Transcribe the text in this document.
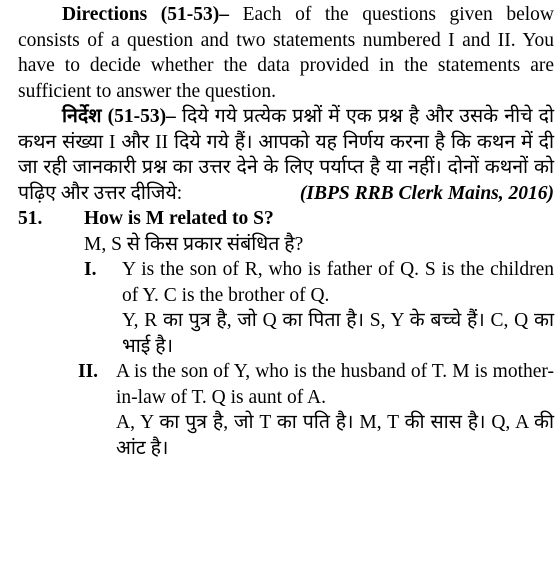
Directions (51-53)– Each of the questions given below consists of a question and two statements numbered I and II. You have to decide whether the data provided in the statements are sufficient to answer the question.

निर्देश (51-53)– दिये गये प्रत्येक प्रश्नों में एक प्रश्न है और उसके नीचे दो कथन संख्या I और II दिये गये हैं। आपको यह निर्णय करना है कि कथन में दी जा रही जानकारी प्रश्न का उत्तर देने के लिए पर्याप्त है या नहीं। दोनों कथनों को पढ़िए और उत्तर दीजिये:	(IBPS RRB Clerk Mains, 2016)

51.	How is M related to S?

M, S से किस प्रकार संबंधित है?

I.	Y is the son of R, who is father of Q. S is the children of Y. C is the brother of Q.

Y, R का पुत्र है, जो Q का पिता है। S, Y के बच्चे हैं। C, Q का भाई है।

II. A is the son of Y, who is the husband of T. M is mother-in-law of T. Q is aunt of A.

A, Y का पुत्र है, जो T का पति है। M, T की सास है। Q, A की आंट है।
